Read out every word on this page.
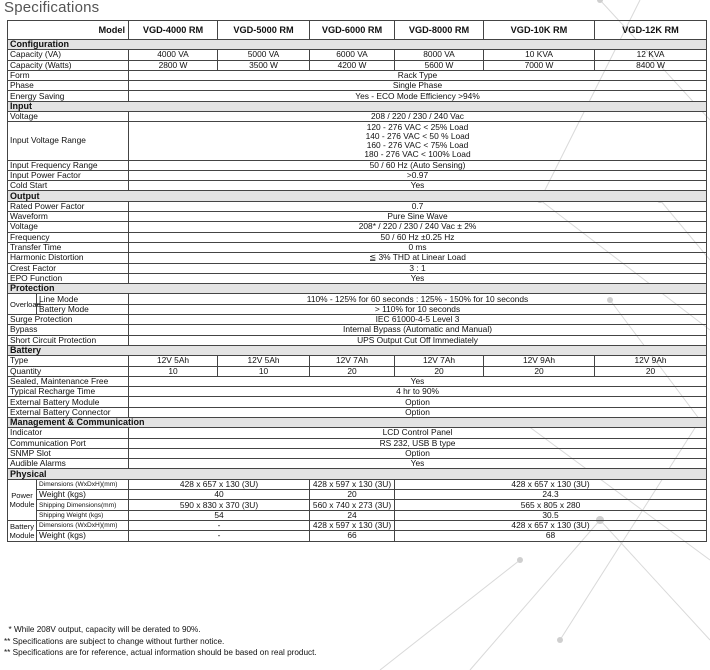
Specifications
Model		VGD-4000 RM	VGD-5000 RM	VGD-6000 RM	VGD-8000 RM	VGD-10K RM	VGD-12K RM
Configuration							
Capacity (VA)		4000 VA	5000 VA	6000 VA	8000 VA	10 KVA	12 KVA
Capacity (Watts)		2800 W	3500 W	4200 W	5600 W	7000 W	8400 W
Form		Rack Type					
Phase		Single Phase					
Energy Saving		Yes - ECO Mode Efficiency >94%					
Input							
Voltage		208 / 220 / 230 / 240 Vac					
Input Voltage Range		120 - 276 VAC < 25% Load					
		140 - 276 VAC < 50 % Load					
		160 - 276 VAC < 75% Load					
		180 - 276 VAC < 100% Load					
Input Frequency Range		50 / 60 Hz (Auto Sensing)					
Input Power Factor		>0.97					
Cold Start		Yes					
Output							
Rated Power Factor		0.7					
Waveform		Pure Sine Wave					
Voltage		208* / 220 / 230 / 240 Vac ± 2%					
Frequency		50 / 60 Hz ±0.25 Hz					
Transfer Time		0 ms					
Harmonic Distortion		≦ 3% THD at Linear Load					
Crest Factor		3 : 1					
EPO Function		Yes					
Protection							
Overload	Line Mode	110% - 125% for 60 seconds : 125% - 150% for 10 seconds					
	Battery Mode	> 110% for 10 seconds					
Surge Protection		IEC 61000-4-5 Level 3					
Bypass		Internal Bypass (Automatic and Manual)					
Short Circuit Protection		UPS Output Cut Off Immediately					
Battery							
Type		12V 5Ah	12V 5Ah	12V 7Ah	12V 7Ah	12V 9Ah	12V 9Ah
Quantity		10	10	20	20	20	20
Sealed, Maintenance Free		Yes					
Typical Recharge Time		4 hr to 90%					
External Battery Module		Option					
External Battery Connector		Option					
Management & Communication							
Indicator		LCD Control Panel					
Communication Port		RS 232, USB B type					
SNMP Slot		Option					
Audible Alarms		Yes					
Physical							
Power
Module	Dimensions (WxDxH)(mm)	428 x 657 x 130 (3U)		428 x 597 x 130 (3U)	428 x 657 x 130 (3U)		
	Weight (kgs)	40		20	24.3		
	Shipping Dimensions(mm)	590 x 830 x 370 (3U)		560 x 740 x 273 (3U)	565 x 805 x 280		
	Shipping Weight (kgs)	54		24	30.5		
Battery
Module	Dimensions (WxDxH)(mm)	-		428 x 597 x 130 (3U)	428 x 657 x 130 (3U)		
	Weight (kgs)	-		66	68		
* While 208V output, capacity will be derated to 90%.
** Specifications are subject to change without further notice.
** Specifications are for reference, actual information should be based on real product.
